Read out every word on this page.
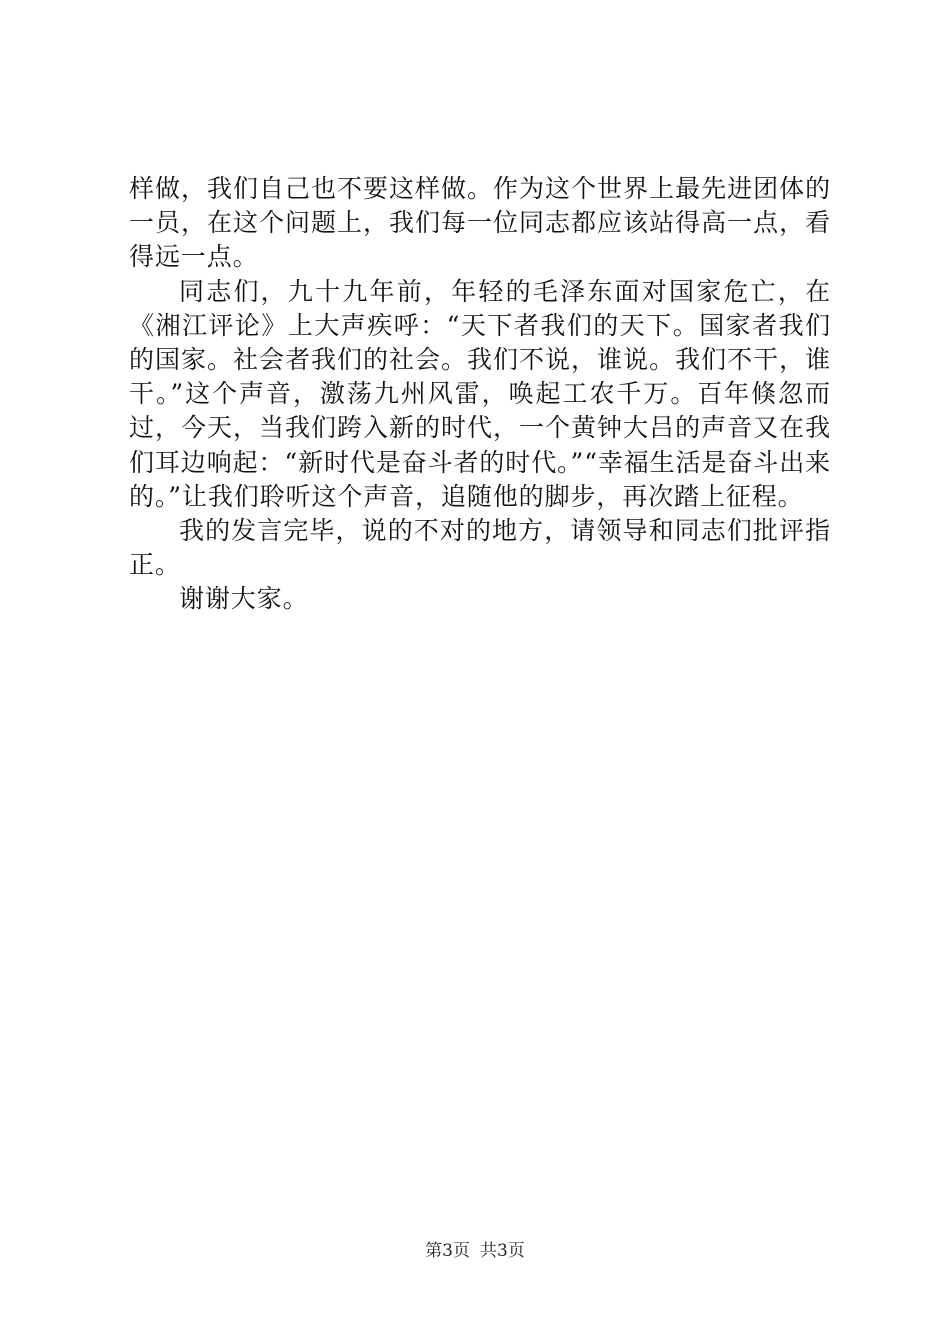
样做，我们自己也不要这样做。作为这个世界上最先进团体的一员，在这个问题上，我们每一位同志都应该站得高一点，看得远一点。

同志们，九十九年前，年轻的毛泽东面对国家危亡，在《湘江评论》上大声疾呼：“天下者我们的天下。国家者我们的国家。社会者我们的社会。我们不说，谁说。我们不干，谁干。”这个声音，激荡九州风雷，唤起工农千万。百年倏忽而过，今天，当我们跨入新的时代，一个黄钟大吕的声音又在我们耳边响起：“新时代是奋斗者的时代。”“幸福生活是奋斗出来的。”让我们聆听这个声音，追随他的脚步，再次踏上征程。

我的发言完毕，说的不对的地方，请领导和同志们批评指正。

谢谢大家。

第3页 共3页
